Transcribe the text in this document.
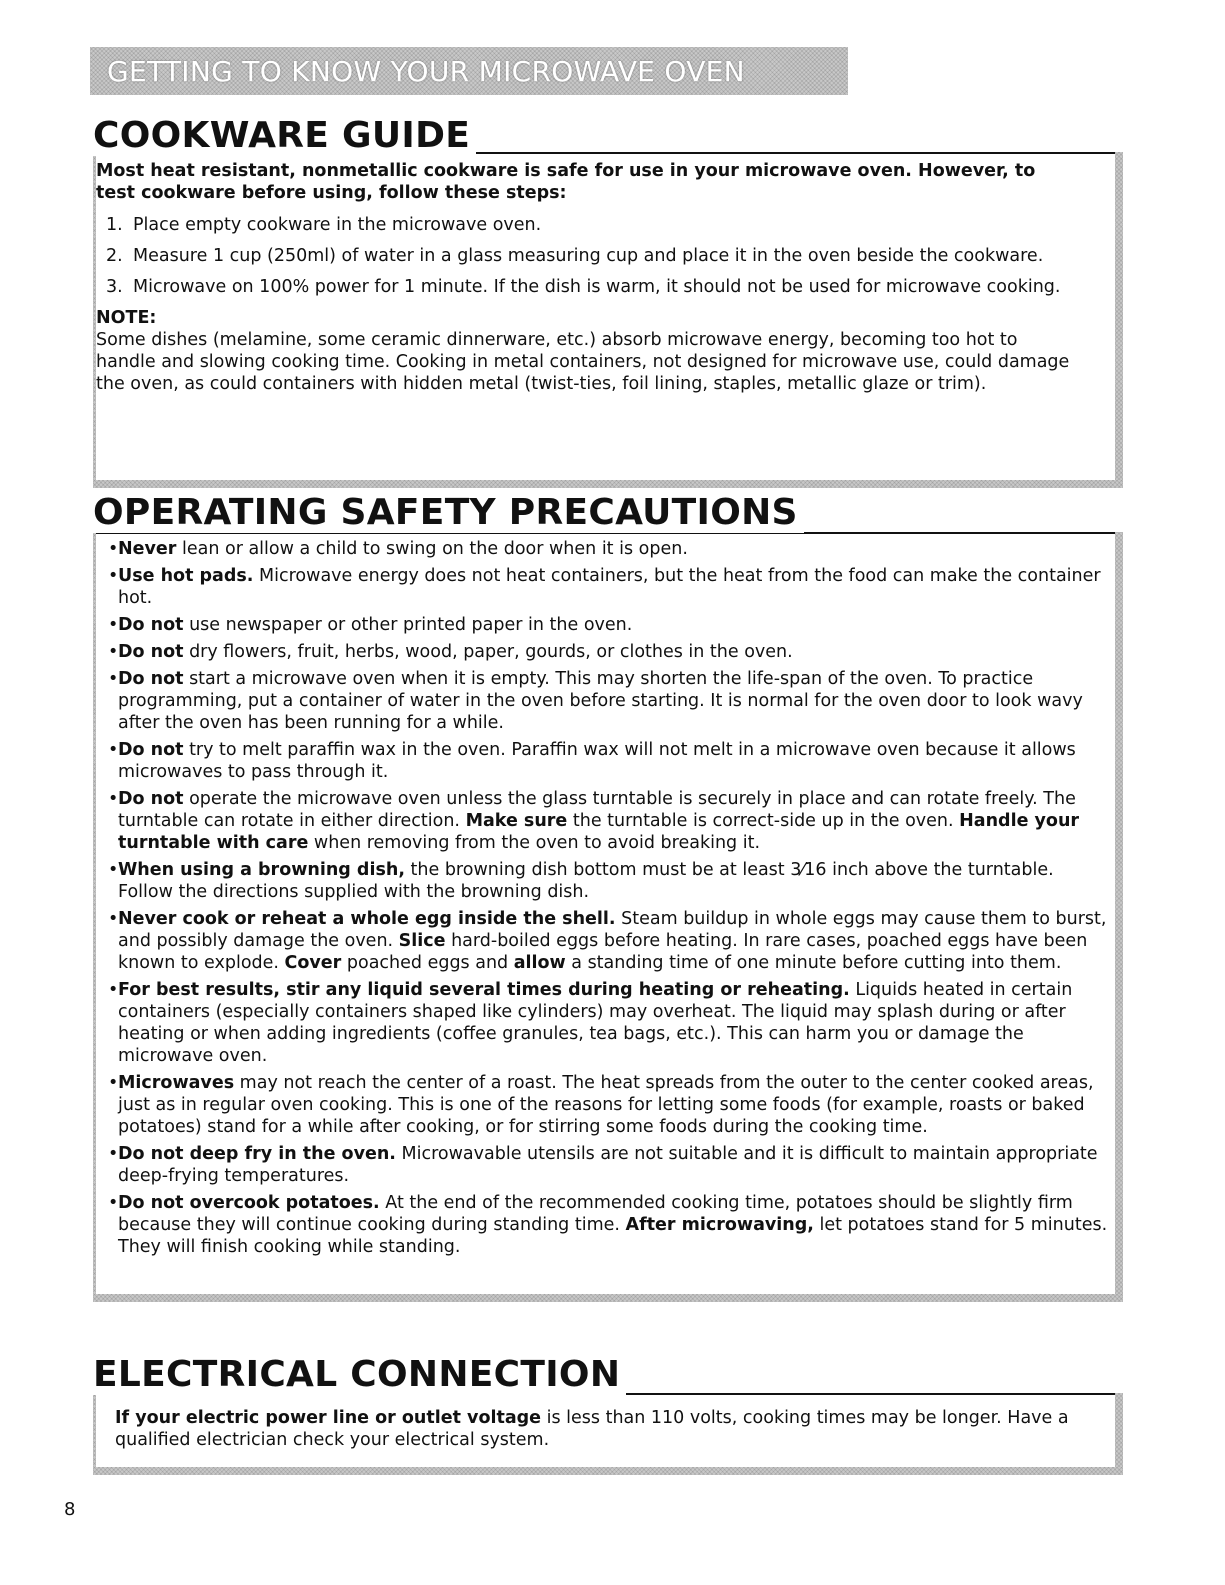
GETTING TO KNOW YOUR MICROWAVE OVEN
COOKWARE GUIDE
Most heat resistant, nonmetallic cookware is safe for use in your microwave oven. However, to test cookware before using, follow these steps:
1. Place empty cookware in the microwave oven.
2. Measure 1 cup (250ml) of water in a glass measuring cup and place it in the oven beside the cookware.
3. Microwave on 100% power for 1 minute. If the dish is warm, it should not be used for microwave cooking.
NOTE:
Some dishes (melamine, some ceramic dinnerware, etc.) absorb microwave energy, becoming too hot to handle and slowing cooking time. Cooking in metal containers, not designed for microwave use, could damage the oven, as could containers with hidden metal (twist-ties, foil lining, staples, metallic glaze or trim).
OPERATING SAFETY PRECAUTIONS
• Never lean or allow a child to swing on the door when it is open.
• Use hot pads. Microwave energy does not heat containers, but the heat from the food can make the container hot.
• Do not use newspaper or other printed paper in the oven.
• Do not dry flowers, fruit, herbs, wood, paper, gourds, or clothes in the oven.
• Do not start a microwave oven when it is empty. This may shorten the life-span of the oven. To practice programming, put a container of water in the oven before starting. It is normal for the oven door to look wavy after the oven has been running for a while.
• Do not try to melt paraffin wax in the oven. Paraffin wax will not melt in a microwave oven because it allows microwaves to pass through it.
• Do not operate the microwave oven unless the glass turntable is securely in place and can rotate freely. The turntable can rotate in either direction. Make sure the turntable is correct-side up in the oven. Handle your turntable with care when removing from the oven to avoid breaking it.
• When using a browning dish, the browning dish bottom must be at least 3⁄16 inch above the turntable. Follow the directions supplied with the browning dish.
• Never cook or reheat a whole egg inside the shell. Steam buildup in whole eggs may cause them to burst, and possibly damage the oven. Slice hard-boiled eggs before heating. In rare cases, poached eggs have been known to explode. Cover poached eggs and allow a standing time of one minute before cutting into them.
• For best results, stir any liquid several times during heating or reheating. Liquids heated in certain containers (especially containers shaped like cylinders) may overheat. The liquid may splash during or after heating or when adding ingredients (coffee granules, tea bags, etc.). This can harm you or damage the microwave oven.
• Microwaves may not reach the center of a roast. The heat spreads from the outer to the center cooked areas, just as in regular oven cooking. This is one of the reasons for letting some foods (for example, roasts or baked potatoes) stand for a while after cooking, or for stirring some foods during the cooking time.
• Do not deep fry in the oven. Microwavable utensils are not suitable and it is difficult to maintain appropriate deep-frying temperatures.
• Do not overcook potatoes. At the end of the recommended cooking time, potatoes should be slightly firm because they will continue cooking during standing time. After microwaving, let potatoes stand for 5 minutes. They will finish cooking while standing.
ELECTRICAL CONNECTION
If your electric power line or outlet voltage is less than 110 volts, cooking times may be longer. Have a qualified electrician check your electrical system.
8
